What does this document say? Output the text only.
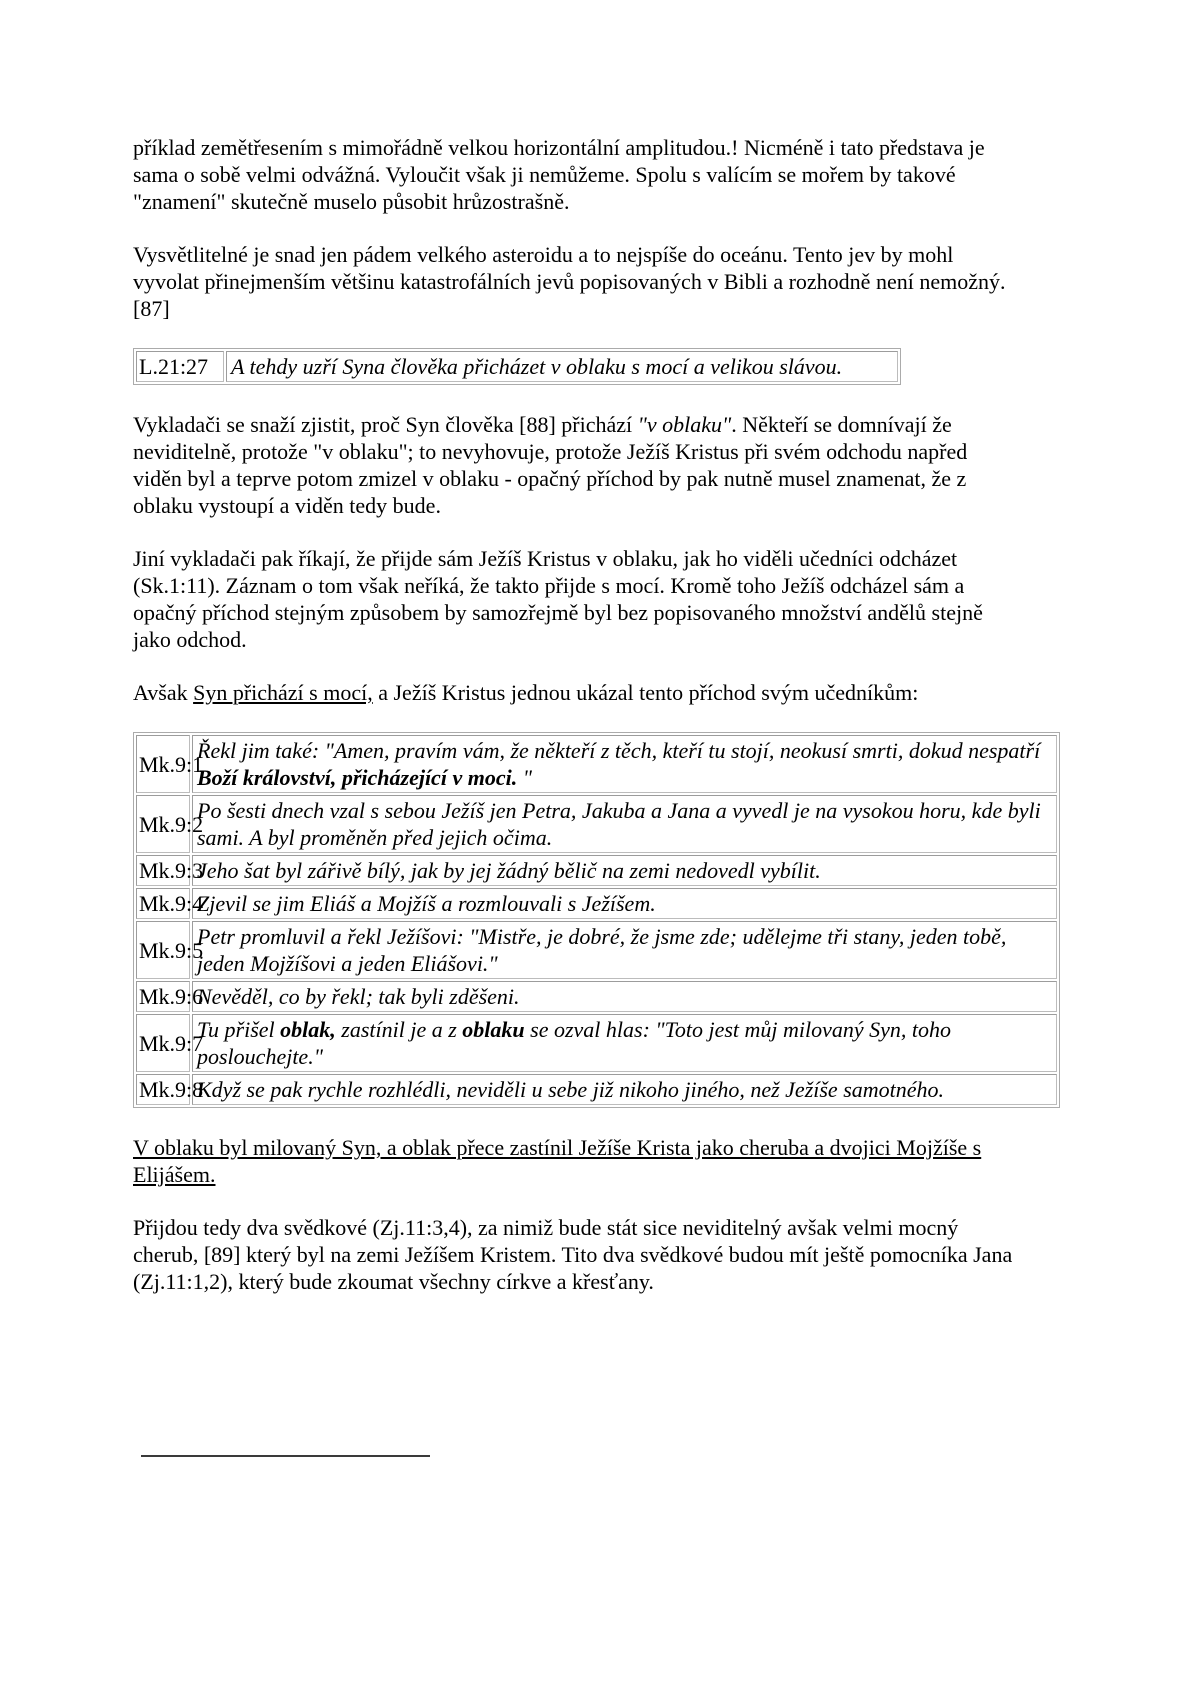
příklad zemětřesením s mimořádně velkou horizontální amplitudou.! Nicméně i tato představa je sama o sobě velmi odvážná. Vyloučit však ji nemůžeme. Spolu s valícím se mořem by takové "znamení" skutečně muselo působit hrůzostrašně.

Vysvětlitelné je snad jen pádem velkého asteroidu a to nejspíše do oceánu. Tento jev by mohl vyvolat přinejmenším většinu katastrofálních jevů popisovaných v Bibli a rozhodně není nemožný. [87]

L.21:27	A tehdy uzří Syna člověka přicházet v oblaku s mocí a velikou slávou.

Vykladači se snaží zjistit, proč Syn člověka [88] přichází "v oblaku". Někteří se domnívají že neviditelně, protože "v oblaku"; to nevyhovuje, protože Ježíš Kristus při svém odchodu napřed viděn byl a teprve potom zmizel v oblaku - opačný příchod by pak nutně musel znamenat, že z oblaku vystoupí a viděn tedy bude.

Jiní vykladači pak říkají, že přijde sám Ježíš Kristus v oblaku, jak ho viděli učedníci odcházet (Sk.1:11). Záznam o tom však neříká, že takto přijde s mocí. Kromě toho Ježíš odcházel sám a opačný příchod stejným způsobem by samozřejmě byl bez popisovaného množství andělů stejně jako odchod.

Avšak Syn přichází s mocí, a Ježíš Kristus jednou ukázal tento příchod svým učedníkům:

Mk.9:1	Řekl jim také: "Amen, pravím vám, že někteří z těch, kteří tu stojí, neokusí smrti, dokud nespatří Boží království, přicházející v moci. "
Mk.9:2	Po šesti dnech vzal s sebou Ježíš jen Petra, Jakuba a Jana a vyvedl je na vysokou horu, kde byli sami. A byl proměněn před jejich očima.
Mk.9:3	Jeho šat byl zářivě bílý, jak by jej žádný bělič na zemi nedovedl vybílit.
Mk.9:4	Zjevil se jim Eliáš a Mojžíš a rozmlouvali s Ježíšem.
Mk.9:5	Petr promluvil a řekl Ježíšovi: "Mistře, je dobré, že jsme zde; udělejme tři stany, jeden tobě, jeden Mojžíšovi a jeden Eliášovi."
Mk.9:6	Nevěděl, co by řekl; tak byli zděšeni.
Mk.9:7	Tu přišel oblak, zastínil je a z oblaku se ozval hlas: "Toto jest můj milovaný Syn, toho poslouchejte."
Mk.9:8	Když se pak rychle rozhlédli, neviděli u sebe již nikoho jiného, než Ježíše samotného.

V oblaku byl milovaný Syn, a oblak přece zastínil Ježíše Krista jako cheruba a dvojici Mojžíše s Elijášem.

Přijdou tedy dva svědkové (Zj.11:3,4), za nimiž bude stát sice neviditelný avšak velmi mocný cherub, [89] který byl na zemi Ježíšem Kristem. Tito dva svědkové budou mít ještě pomocníka Jana (Zj.11:1,2), který bude zkoumat všechny církve a křesťany.
